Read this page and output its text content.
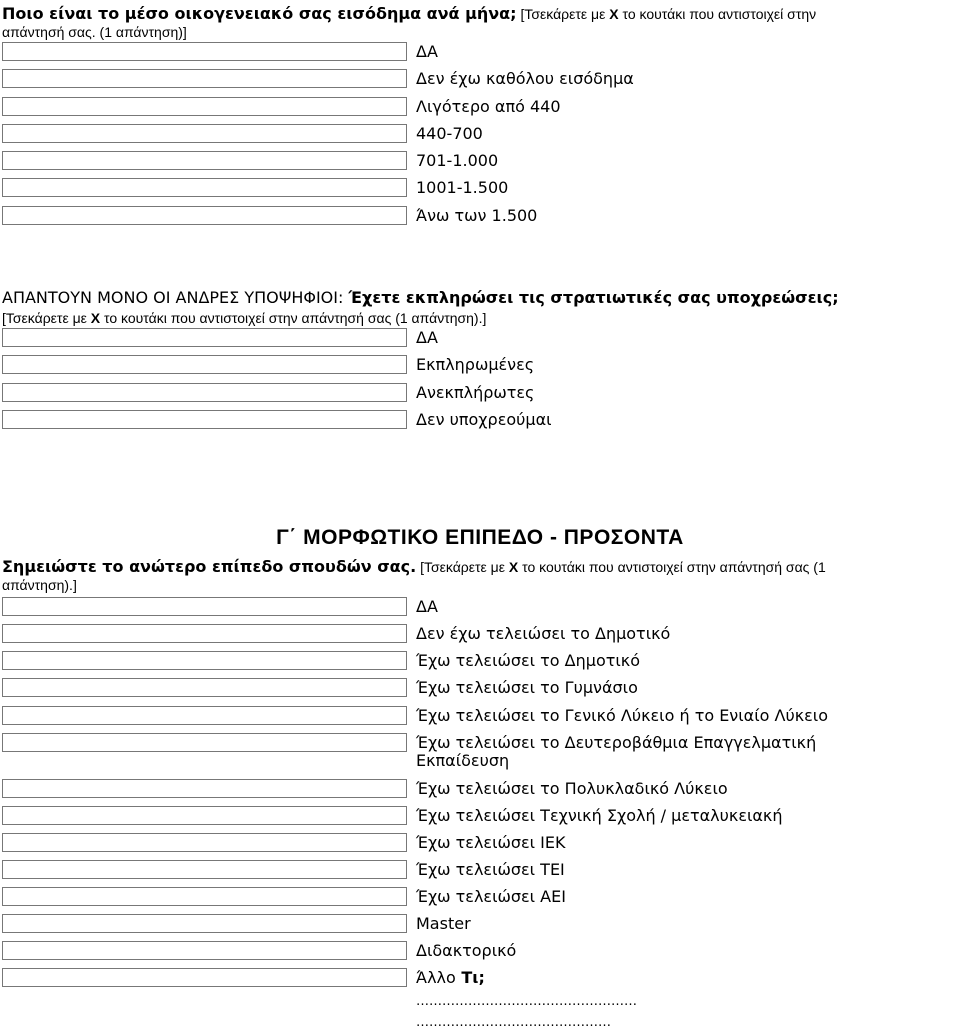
Ποιο είναι το μέσο οικογενειακό σας εισόδημα ανά μήνα; [Τσεκάρετε με Χ το κουτάκι που αντιστοιχεί στην
απάντησή σας. (1 απάντηση)]
ΔΑ
Δεν έχω καθόλου εισόδημα
Λιγότερο από 440
440-700
701-1.000
1001-1.500
Άνω των 1.500
ΑΠΑΝΤΟΥΝ ΜΟΝΟ ΟΙ ΑΝΔΡΕΣ ΥΠΟΨΗΦΙΟΙ: Έχετε εκπληρώσει τις στρατιωτικές σας υποχρεώσεις;
[Τσεκάρετε με Χ το κουτάκι που αντιστοιχεί στην απάντησή σας (1 απάντηση).]
ΔΑ
Εκπληρωμένες
Ανεκπλήρωτες
Δεν υποχρεούμαι
Γ΄ ΜΟΡΦΩΤΙΚΟ ΕΠΙΠΕΔΟ - ΠΡΟΣΟΝΤΑ
Σημειώστε το ανώτερο επίπεδο σπουδών σας. [Τσεκάρετε με Χ το κουτάκι που αντιστοιχεί στην απάντησή σας (1
απάντηση).]
ΔΑ
Δεν έχω τελειώσει το Δημοτικό
Έχω τελειώσει το Δημοτικό
Έχω τελειώσει το Γυμνάσιο
Έχω τελειώσει το Γενικό Λύκειο ή το Ενιαίο Λύκειο
Έχω τελειώσει το Δευτεροβάθμια Επαγγελματική
Εκπαίδευση
Έχω τελειώσει το Πολυκλαδικό Λύκειο
Έχω τελειώσει Τεχνική Σχολή / μεταλυκειακή
Έχω τελειώσει ΙΕΚ
Έχω τελειώσει ΤΕΙ
Έχω τελειώσει ΑΕΙ
Master
Διδακτορικό
Άλλο Τι;
……………………………………………
………………………………………
